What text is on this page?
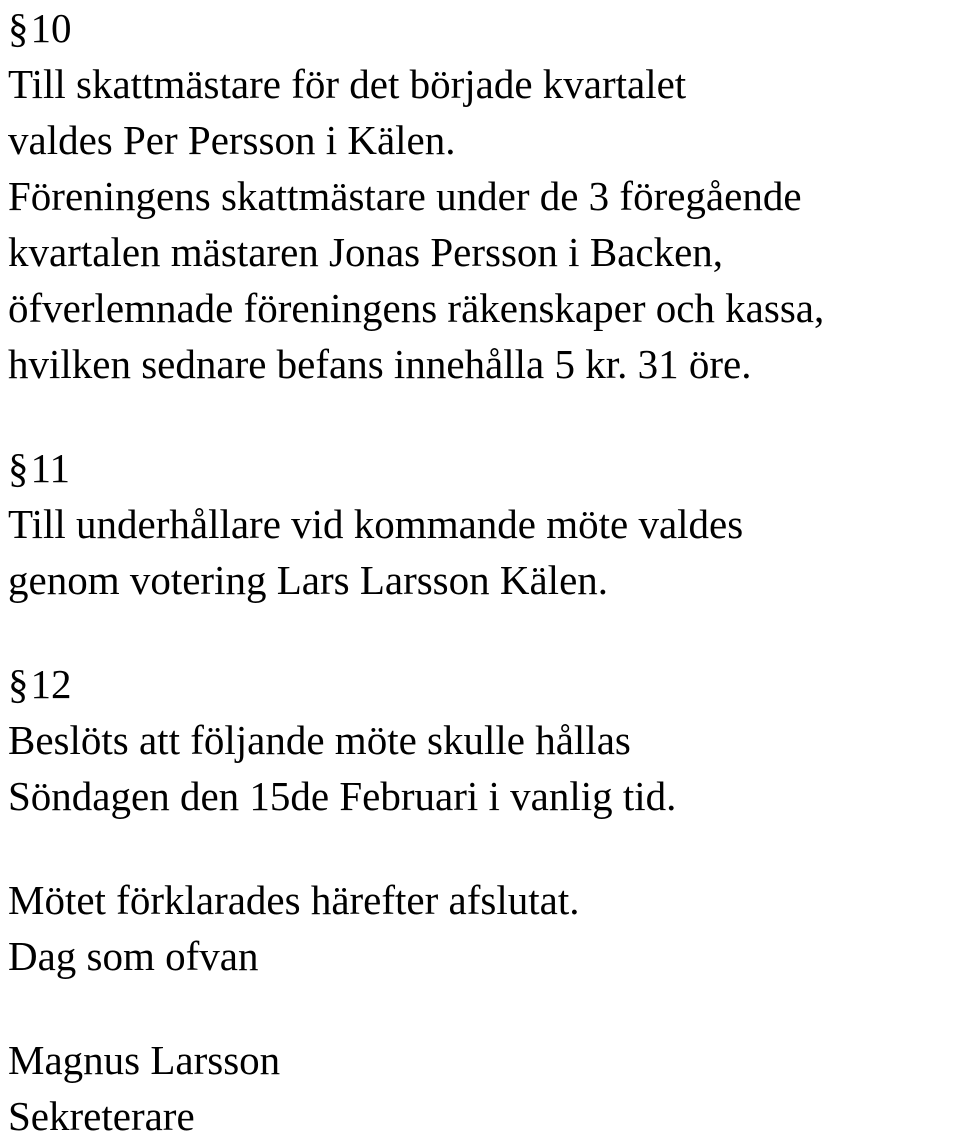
§10
Till skattmästare för det började kvartalet
valdes Per Persson i Kälen.
Föreningens skattmästare under de 3 föregående
kvartalen mästaren Jonas Persson i Backen,
öfverlemnade föreningens räkenskaper och kassa,
hvilken sednare befans innehålla 5 kr. 31 öre.
§11
Till underhållare vid kommande möte valdes
genom votering Lars Larsson Kälen.
§12
Beslöts att följande möte skulle hållas
Söndagen den 15de Februari i vanlig tid.
Mötet förklarades härefter afslutat.
Dag som ofvan
Magnus Larsson
Sekreterare
